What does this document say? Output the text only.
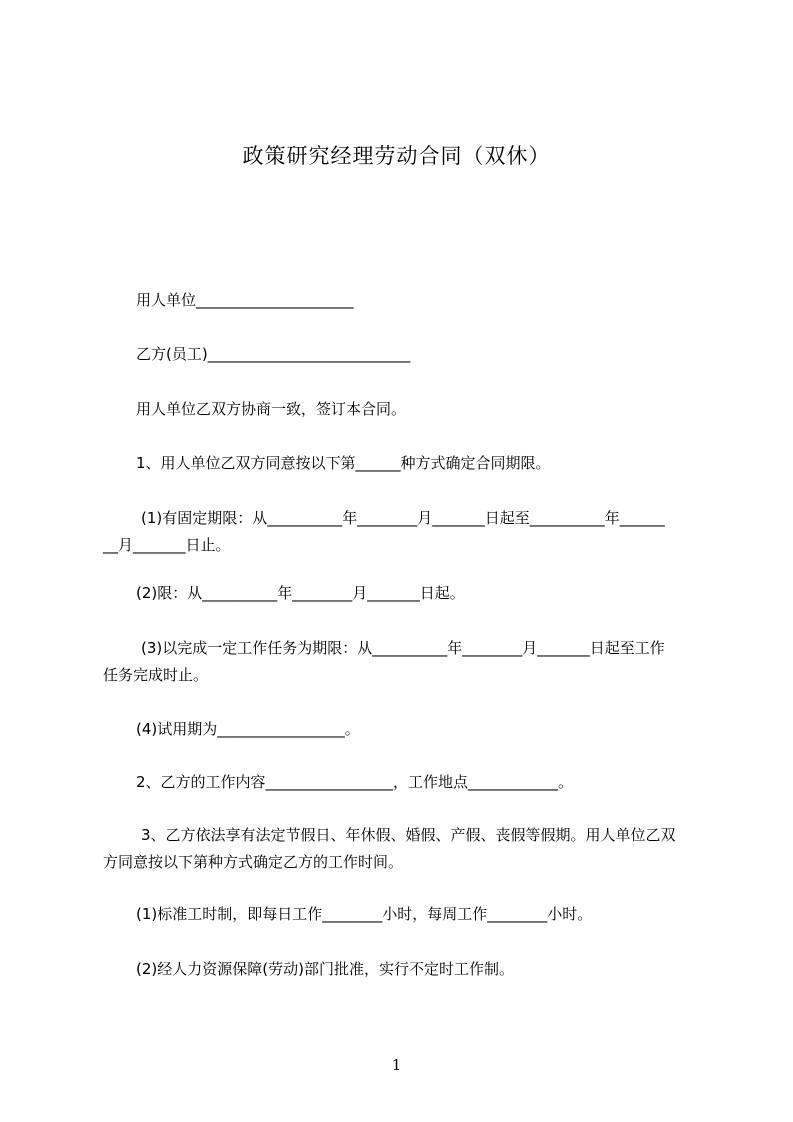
政策研究经理劳动合同（双休）
用人单位_____________________
乙方(员工)___________________________
用人单位乙双方协商一致，签订本合同。
1、用人单位乙双方同意按以下第______种方式确定合同期限。
(1)有固定期限：从__________年________月_______日起至__________年______
__月_______日止。
(2)限：从__________年________月_______日起。
(3)以完成一定工作任务为期限：从__________年________月_______日起至工作
任务完成时止。
(4)试用期为_________________。
2、乙方的工作内容_________________，工作地点____________。
3、乙方依法享有法定节假日、年休假、婚假、产假、丧假等假期。用人单位乙双
方同意按以下第种方式确定乙方的工作时间。
(1)标准工时制，即每日工作________小时，每周工作________小时。
(2)经人力资源保障(劳动)部门批准，实行不定时工作制。
1
